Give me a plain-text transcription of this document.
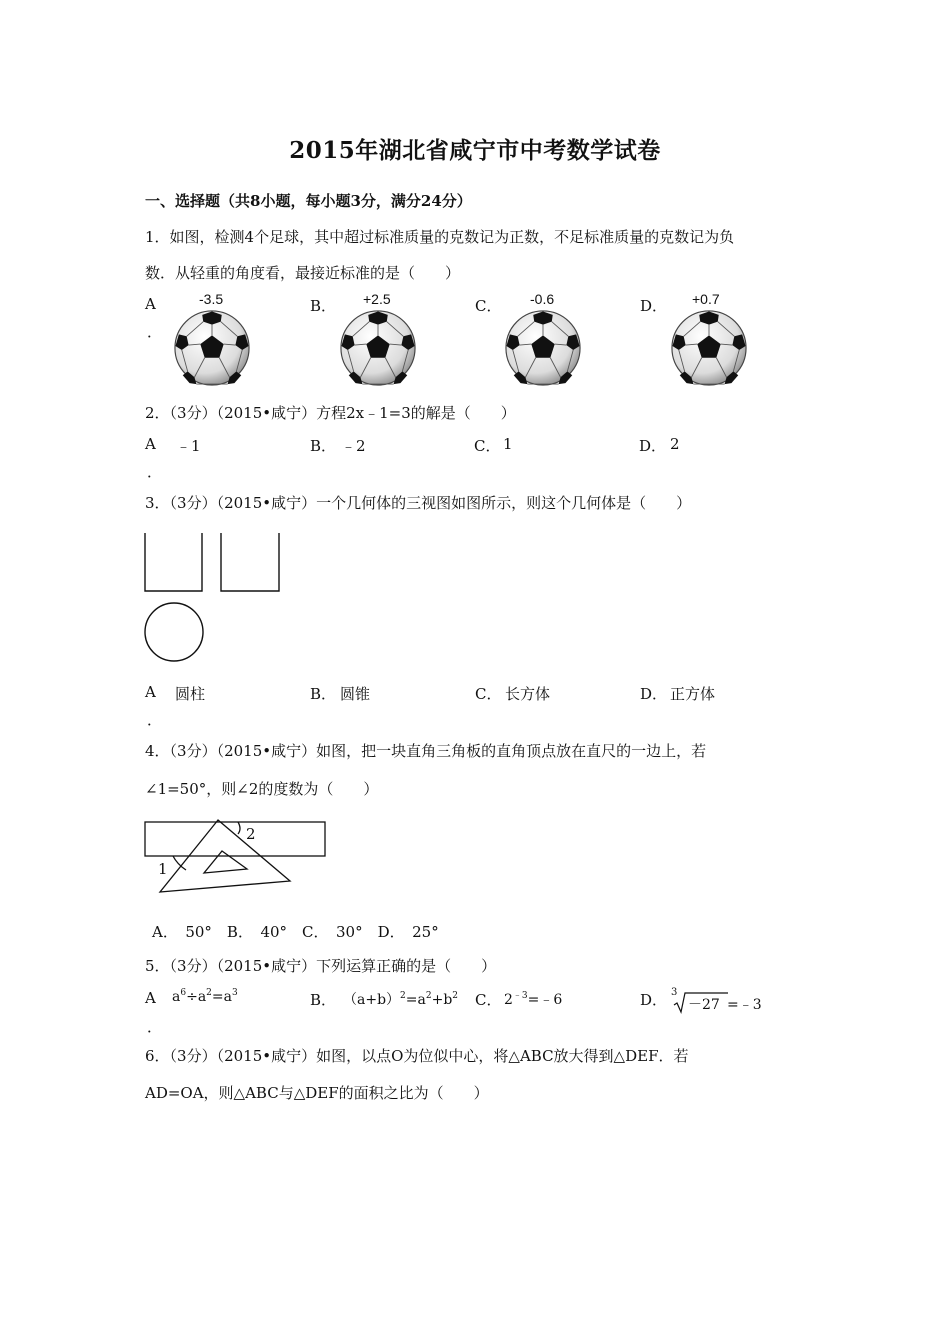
2015年湖北省咸宁市中考数学试卷
一、选择题（共8小题，每小题3分，满分24分）
1．如图，检测4个足球，其中超过标准质量的克数记为正数，不足标准质量的克数记为负
数．从轻重的角度看，最接近标准的是（　　）
A
．
-3.5	B． +2.5	C． -0.6	D． +0.7
2．（3分）（2015•咸宁）方程2x﹣1=3的解是（　　）
A ﹣1
．
B． ﹣2	C． 1	D． 2
3．（3分）（2015•咸宁）一个几何体的三视图如图所示，则这个几何体是（　　）
A 圆柱
．
B． 圆锥	C． 长方体	D． 正方体
4．（3分）（2015•咸宁）如图，把一块直角三角板的直角顶点放在直尺的一边上，若
∠1=50°，则∠2的度数为（　　）
2
1
A．　50°　B．　40°　C．　30°　D．　25°
5．（3分）（2015•咸宁）下列运算正确的是（　　）
A
．
$a^6\div a^2=a^3$	B． $(a+b)^2=a^2+b^2$ C． $2^{﹣3}=﹣6$	D． 3
－27 =﹣3
6．（3分）（2015•咸宁）如图，以点O为位似中心，将△ABC放大得到△DEF．若
AD=OA，则△ABC与△DEF的面积之比为（　　）
